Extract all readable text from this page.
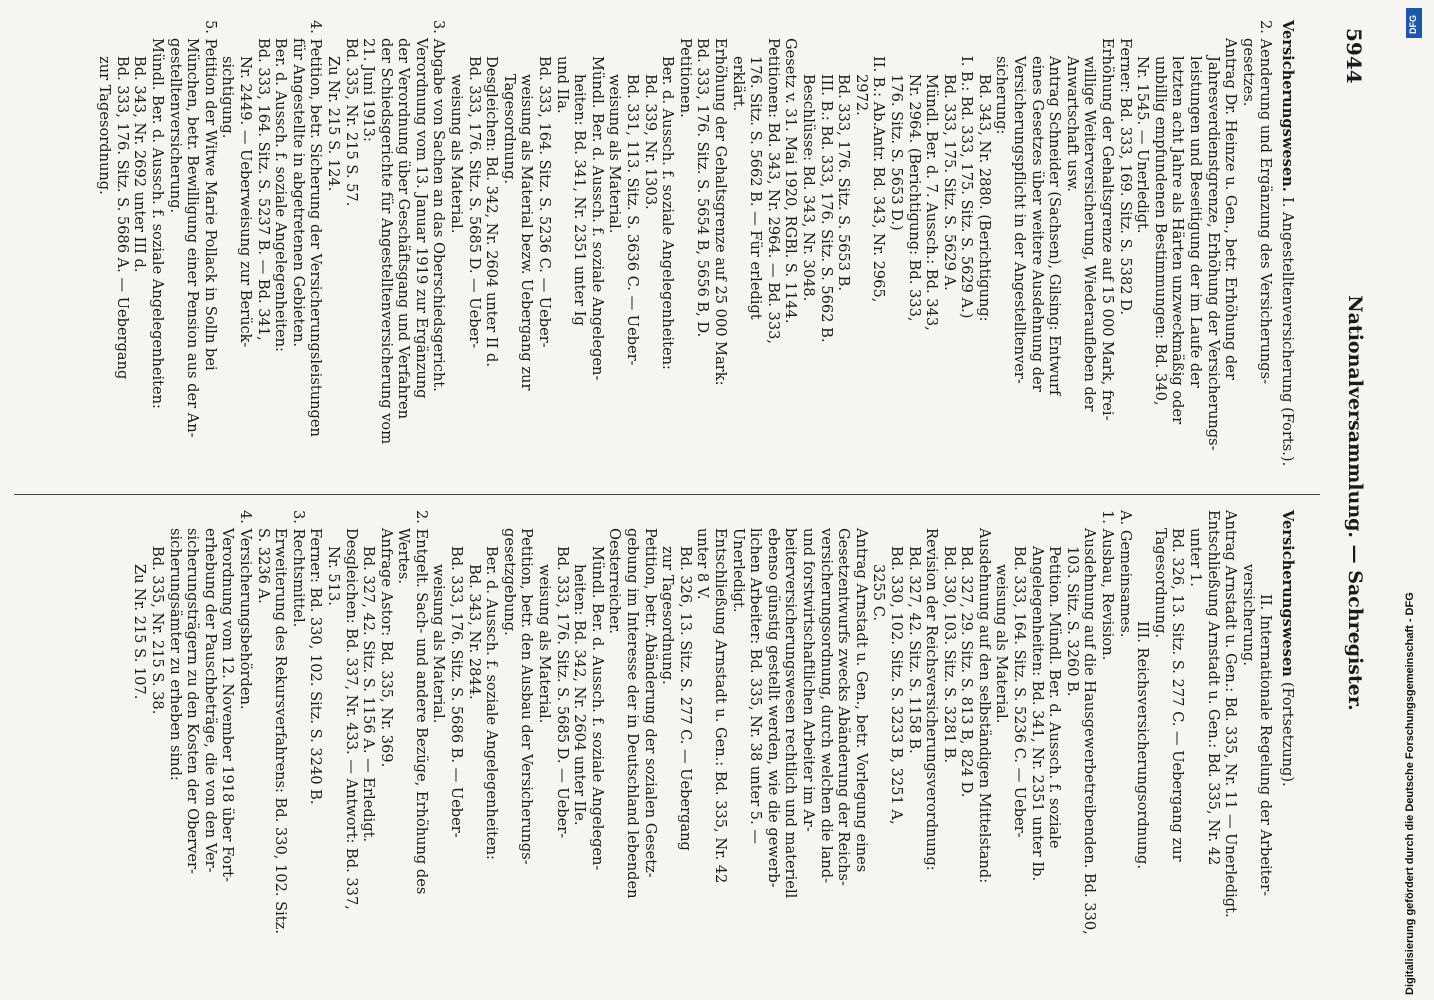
5944
Nationalversammlung. — Sachregister.
Versicherungswesen. I. Angestelltenversicherung (Forts.).
2. Aenderung und Ergänzung des Versicherungs-
gesetzes.
Antrag Dr. Heinze u. Gen., betr. Erhöhung der
Jahresverdienstgrenze, Erhöhung der Versicherungs-
leistungen und Beseitigung der im Laufe der
letzten acht Jahre als Härten unzweckmäßig oder
unbillig empfundenen Bestimmungen: Bd. 340,
Nr. 1545. — Unerledigt.
Ferner: Bd. 333, 169. Sitz. S. 5382 D.
Erhöhung der Gehaltsgrenze auf 15 000 Mark, frei-
willige Weiterversicherung, Wiederaufleben der
Anwartschaft usw.
Antrag Schneider (Sachsen), Gilsing: Entwurf
eines Gesetzes über weitere Ausdehnung der
Versicherungspflicht in der Angestelltenver-
sicherung:
Bd. 343, Nr. 2880. (Berichtigung:
I. B.: Bd. 333, 175. Sitz. S. 5629 A.)
Bd. 333, 175. Sitz. S. 5629 A.
Mündl. Ber. d. 7. Aussch.: Bd. 343,
Nr. 2964. (Berichtigung: Bd. 333,
176. Sitz. S. 5653 D.)
II. B.: Ab.Antr. Bd. 343, Nr. 2965,
2972.
Bd. 333, 176. Sitz. S. 5653 B.
III. B.: Bd. 333, 176. Sitz. S. 5662 B.
Beschlüsse: Bd. 343, Nr. 3048.
Gesetz v. 31. Mai 1920, RGBl. S. 1144.
Petitionen: Bd. 343, Nr. 2964. — Bd. 333,
176. Sitz. S. 5662 B. — Für erledigt
erklärt.
Erhöhung der Gehaltsgrenze auf 25 000 Mark:
Bd. 333, 176. Sitz. S. 5654 B, 5656 B, D.
Petitionen.
Ber. d. Aussch. f. soziale Angelegenheiten:
Bd. 339, Nr. 1303.
Bd. 331, 113. Sitz. S. 3636 C. — Ueber-
weisung als Material.
Mündl. Ber. d. Aussch. f. soziale Angelegen-
heiten: Bd. 341, Nr. 2351 unter Ig
und IIa.
Bd. 333, 164. Sitz. S. 5236 C. — Ueber-
weisung als Material bezw. Uebergang zur
Tagesordnung.
Desgleichen: Bd. 342, Nr. 2604 unter II d.
Bd. 333, 176. Sitz. S. 5685 D. — Ueber-
weisung als Material.
3. Abgabe von Sachen an das Oberschiedsgericht.
Verordnung vom 13. Januar 1919 zur Ergänzung
der Verordnung über Geschäftsgang und Verfahren
der Schiedsgerichte für Angestelltenversicherung vom
21. Juni 1913:
Bd. 335, Nr. 215 S. 57.
Zu Nr. 215 S. 124.
4. Petition, betr. Sicherung der Versicherungsleistungen
für Angestellte in abgetretenen Gebieten.
Ber. d. Aussch. f. soziale Angelegenheiten:
Bd. 333, 164. Sitz. S. 5237 B. — Bd. 341,
Nr. 2449. — Ueberweisung zur Berück-
sichtigung.
5. Petition der Witwe Marie Pollack in Solln bei
München, betr. Bewilligung einer Pension aus der An-
gestelltenversicherung.
Mündl. Ber. d. Aussch. f. soziale Angelegenheiten:
Bd. 343, Nr. 2692 unter III d.
Bd. 333, 176. Sitz. S. 5686 A. — Uebergang
zur Tagesordnung.
Versicherungswesen (Fortsetzung).
II. Internationale Regelung der Arbeiter-
versicherung.
Antrag Arnstadt u. Gen.: Bd. 335, Nr. 11 — Unerledigt.
Entschließung Arnstadt u. Gen.: Bd. 335, Nr. 42
unter 1.
Bd. 326, 13. Sitz. S. 277 C. — Uebergang zur
Tagesordnung.
III. Reichsversicherungsordnung.
A. Gemeinsames.
1. Ausbau, Revision.
Ausdehnung auf die Hausgewerbetreibenden. Bd. 330,
103. Sitz. S. 3260 B.
Petition. Mündl. Ber. d. Aussch. f. soziale
Angelegenheiten: Bd. 341, Nr. 2351 unter Ib.
Bd. 333, 164. Sitz. S. 5236 C. — Ueber-
weisung als Material.
Ausdehnung auf den selbständigen Mittelstand:
Bd. 327, 29. Sitz. S. 813 B, 824 D.
Bd. 330, 103. Sitz. S. 3281 B.
Revision der Reichsversicherungsverordnung:
Bd. 327, 42. Sitz. S. 1158 B.
Bd. 330, 102. Sitz. S. 3233 B, 3251 A,
3255 C.
Antrag Arnstadt u. Gen., betr. Vorlegung eines
Gesetzentwurfs zwecks Abänderung der Reichs-
versicherungsordnung, durch welchen die land-
und forstwirtschaftlichen Arbeiter im Ar-
beiterversicherungswesen rechtlich und materiell
ebenso günstig gestellt werden, wie die gewerb-
lichen Arbeiter: Bd. 335, Nr. 38 unter 5. —
Unerledigt.
Entschließung Arnstadt u. Gen.: Bd. 335, Nr. 42
unter 8 V.
Bd. 326, 13. Sitz. S. 277 C. — Uebergang
zur Tagesordnung.
Petition, betr. Abänderung der sozialen Gesetz-
gebung im Interesse der in Deutschland lebenden
Oesterreicher.
Mündl. Ber. d. Aussch. f. soziale Angelegen-
heiten: Bd. 342, Nr. 2604 unter IIe.
Bd. 333, 176. Sitz. S. 5685 D. — Ueber-
weisung als Material.
Petition, betr. den Ausbau der Versicherungs-
gesetzgebung.
Ber. d. Aussch. f. soziale Angelegenheiten:
Bd. 343, Nr. 2844.
Bd. 333, 176. Sitz. S. 5686 B. — Ueber-
weisung als Material.
2. Entgelt. Sach- und andere Bezüge, Erhöhung des
Wertes.
Anfrage Astor: Bd. 335, Nr. 369.
Bd. 327, 42. Sitz. S. 1156 A. — Erledigt.
Desgleichen: Bd. 337, Nr. 433. — Antwort: Bd. 337,
Nr. 513.
Ferner: Bd. 330, 102. Sitz. S. 3240 B.
3. Rechtsmittel.
Erweiterung des Rekursverfahrens: Bd. 330, 102. Sitz.
S. 3236 A.
4. Versicherungsbehörden.
Verordnung vom 12. November 1918 über Fort-
erhebung der Pauschbeträge, die von den Ver-
sicherungsträgern zu den Kosten der Oberver-
sicherungsämter zu erheben sind:
Bd. 335, Nr. 215 S. 38.
Zu Nr. 215 S. 107.
DFG
Digitalisierung gefördert durch die Deutsche Forschungsgemeinschaft - DFG
